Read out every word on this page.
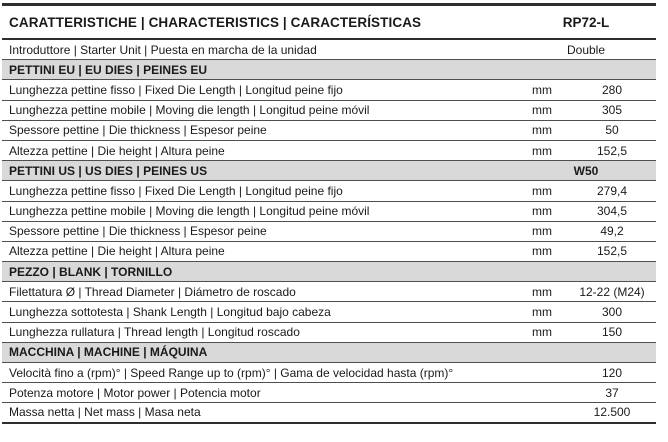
CARATTERISTICHE | CHARACTERISTICS | CARACTERÍSTICAS	RP72-L
Introduttore | Starter Unit | Puesta en marcha de la unidad	Double
PETTINI EU | EU DIES | PEINES EU
Lunghezza pettine fisso | Fixed Die Length | Longitud peine fijo	mm	280
Lunghezza pettine mobile | Moving die length | Longitud peine móvil	mm	305
Spessore pettine | Die thickness | Espesor peine	mm	50
Altezza pettine | Die height | Altura peine	mm	152,5
PETTINI US | US DIES | PEINES US	W50
Lunghezza pettine fisso | Fixed Die Length | Longitud peine fijo	mm	279,4
Lunghezza pettine mobile | Moving die length | Longitud peine móvil	mm	304,5
Spessore pettine | Die thickness | Espesor peine	mm	49,2
Altezza pettine | Die height | Altura peine	mm	152,5
PEZZO | BLANK | TORNILLO
Filettatura Ø | Thread Diameter | Diámetro de roscado	mm	12-22 (M24)
Lunghezza sottotesta | Shank Length | Longitud bajo cabeza	mm	300
Lunghezza rullatura | Thread length | Longitud roscado	mm	150
MACCHINA | MACHINE | MÁQUINA
Velocità fino a (rpm)° | Speed Range up to (rpm)° | Gama de velocidad hasta (rpm)°	120
Potenza motore | Motor power | Potencia motor	37
Massa netta | Net mass | Masa neta	12.500
